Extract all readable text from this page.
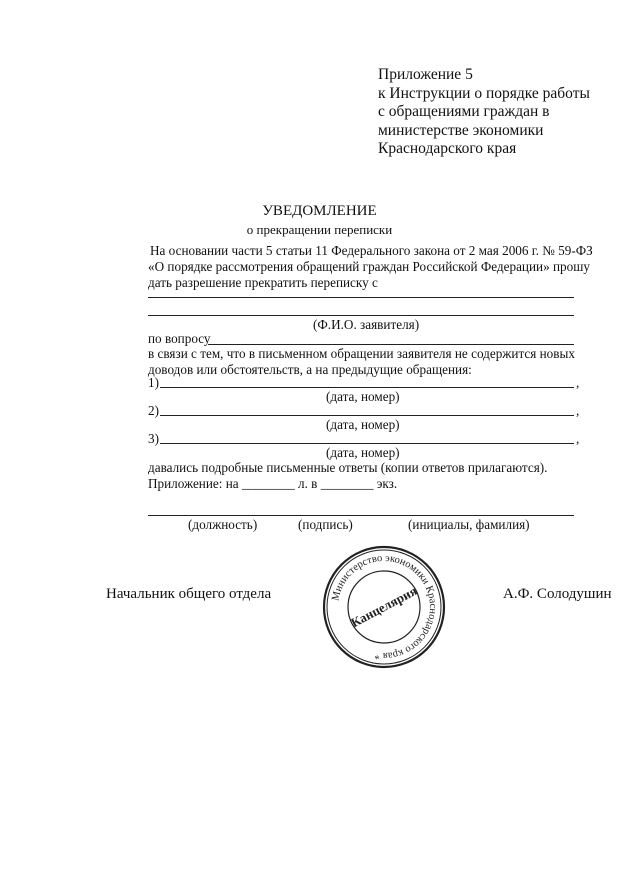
Приложение 5
к Инструкции о порядке работы
с обращениями граждан в
министерстве экономики
Краснодарского края
УВЕДОМЛЕНИЕ
о прекращении переписки
На основании части 5 статьи 11 Федерального закона от 2 мая 2006 г. № 59-ФЗ
«О порядке рассмотрения обращений граждан Российской Федерации» прошу
дать разрешение прекратить переписку с
(Ф.И.О. заявителя)
по вопросу
в связи с тем, что в письменном обращении заявителя не содержится новых
доводов или обстоятельств, а на предыдущие обращения:
1)	,
(дата, номер)
2)	,
(дата, номер)
3)	,
(дата, номер)
давались подробные письменные ответы (копии ответов прилагаются).
Приложение: на ________ л. в ________ экз.
(должность)	(подпись)	(инициалы, фамилия)
Начальник общего отдела	А.Ф. Солодушин
Министерство экономики Краснодарского края *
Канцелярия
